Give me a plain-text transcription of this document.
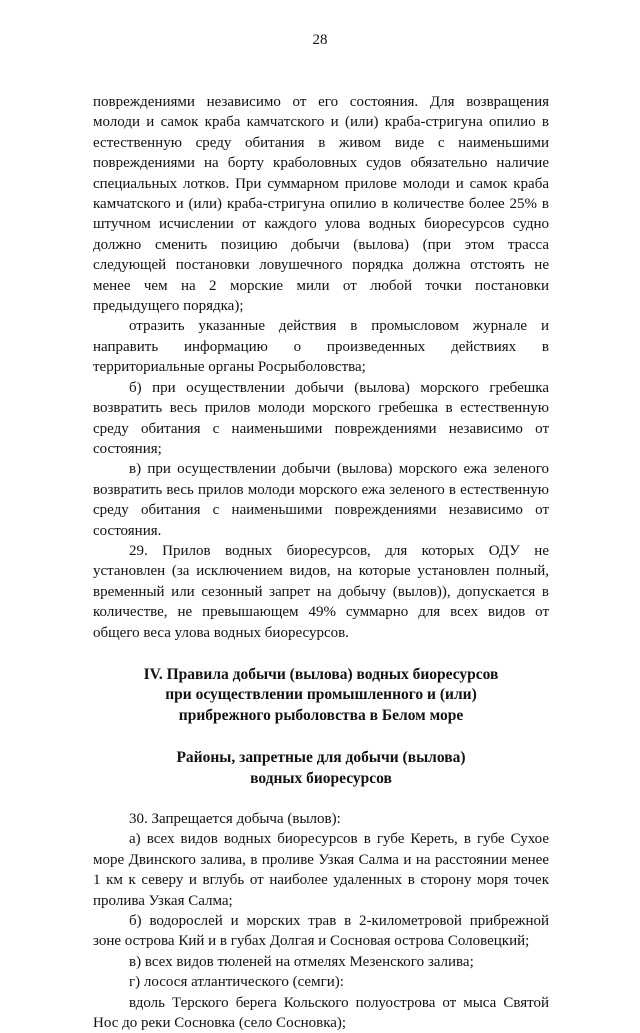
28

повреждениями независимо от его состояния. Для возвращения молоди и самок краба камчатского и (или) краба-стригуна опилио в естественную среду обитания в живом виде с наименьшими повреждениями на борту краболовных судов обязательно наличие специальных лотков. При суммарном прилове молоди и самок краба камчатского и (или) краба-стригуна опилио в количестве более 25% в штучном исчислении от каждого улова водных биоресурсов судно должно сменить позицию добычи (вылова) (при этом трасса следующей постановки ловушечного порядка должна отстоять не менее чем на 2 морские мили от любой точки постановки предыдущего порядка);

отразить указанные действия в промысловом журнале и направить информацию о произведенных действиях в территориальные органы Росрыболовства;

б) при осуществлении добычи (вылова) морского гребешка возвратить весь прилов молоди морского гребешка в естественную среду обитания с наименьшими повреждениями независимо от состояния;

в) при осуществлении добычи (вылова) морского ежа зеленого возвратить весь прилов молоди морского ежа зеленого в естественную среду обитания с наименьшими повреждениями независимо от состояния.

29. Прилов водных биоресурсов, для которых ОДУ не установлен (за исключением видов, на которые установлен полный, временный или сезонный запрет на добычу (вылов)), допускается в количестве, не превышающем 49% суммарно для всех видов от общего веса улова водных биоресурсов.

IV. Правила добычи (вылова) водных биоресурсов
при осуществлении промышленного и (или)
прибрежного рыболовства в Белом море
Районы, запретные для добычи (вылова)
водных биоресурсов

30. Запрещается добыча (вылов):

а) всех видов водных биоресурсов в губе Кереть, в губе Сухое море Двинского залива, в проливе Узкая Салма и на расстоянии менее 1 км к северу и вглубь от наиболее удаленных в сторону моря точек пролива Узкая Салма;

б) водорослей и морских трав в 2-километровой прибрежной зоне острова Кий и в губах Долгая и Сосновая острова Соловецкий;

в) всех видов тюленей на отмелях Мезенского залива;

г) лосося атлантического (семги):

вдоль Терского берега Кольского полуострова от мыса Святой Нос до реки Сосновка (село Сосновка);
